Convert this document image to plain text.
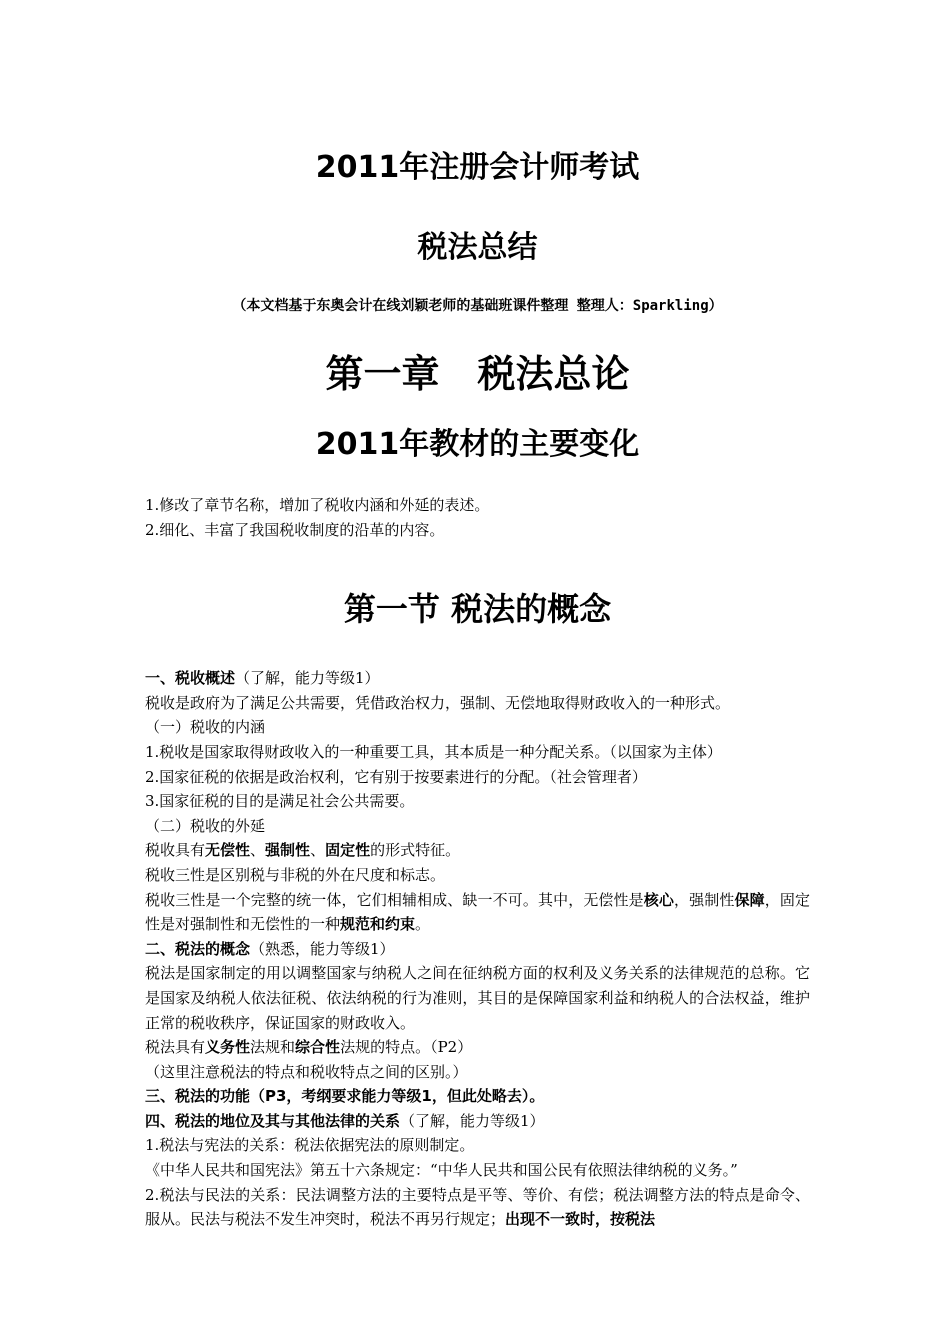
2011年注册会计师考试
税法总结
（本文档基于东奥会计在线刘颖老师的基础班课件整理 整理人：Sparkling）
第一章　税法总论
2011年教材的主要变化

1.修改了章节名称，增加了税收内涵和外延的表述。

2.细化、丰富了我国税收制度的沿革的内容。

第一节 税法的概念

一、税收概述（了解，能力等级1）

税收是政府为了满足公共需要，凭借政治权力，强制、无偿地取得财政收入的一种形式。

（一）税收的内涵

1.税收是国家取得财政收入的一种重要工具，其本质是一种分配关系。（以国家为主体）

2.国家征税的依据是政治权利，它有别于按要素进行的分配。（社会管理者）

3.国家征税的目的是满足社会公共需要。

（二）税收的外延

税收具有无偿性、强制性、固定性的形式特征。

税收三性是区别税与非税的外在尺度和标志。

税收三性是一个完整的统一体，它们相辅相成、缺一不可。其中，无偿性是核心，强制性保障，固定性是对强制性和无偿性的一种规范和约束。

二、税法的概念（熟悉，能力等级1）

税法是国家制定的用以调整国家与纳税人之间在征纳税方面的权利及义务关系的法律规范的总称。它是国家及纳税人依法征税、依法纳税的行为准则，其目的是保障国家利益和纳税人的合法权益，维护正常的税收秩序，保证国家的财政收入。

税法具有义务性法规和综合性法规的特点。（P2）

（这里注意税法的特点和税收特点之间的区别。）

三、税法的功能（P3，考纲要求能力等级1，但此处略去）。

四、税法的地位及其与其他法律的关系（了解，能力等级1）

1.税法与宪法的关系：税法依据宪法的原则制定。

《中华人民共和国宪法》第五十六条规定：“中华人民共和国公民有依照法律纳税的义务。”

2.税法与民法的关系：民法调整方法的主要特点是平等、等价、有偿；税法调整方法的特点是命令、服从。民法与税法不发生冲突时，税法不再另行规定；出现不一致时，按税法
